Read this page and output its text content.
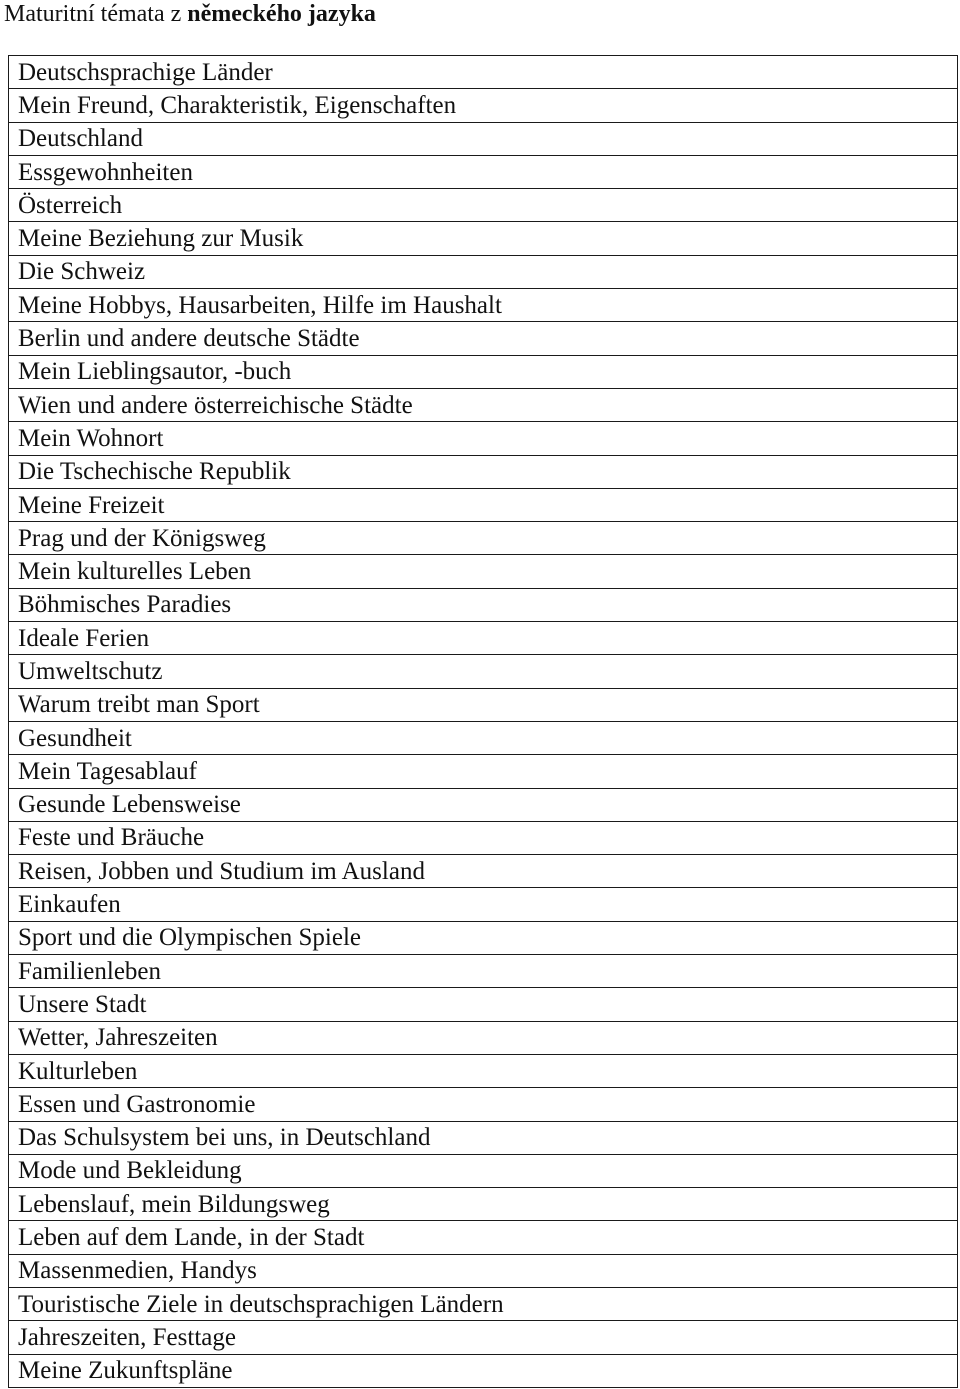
Maturitní témata z německého jazyka
Deutschsprachige Länder
Mein Freund, Charakteristik, Eigenschaften
Deutschland
Essgewohnheiten
Österreich
Meine Beziehung zur Musik
Die Schweiz
Meine Hobbys, Hausarbeiten, Hilfe im Haushalt
Berlin und andere deutsche Städte
Mein Lieblingsautor, -buch
Wien und andere österreichische Städte
Mein Wohnort
Die Tschechische Republik
Meine Freizeit
Prag und der Königsweg
Mein kulturelles Leben
Böhmisches Paradies
Ideale Ferien
Umweltschutz
Warum treibt man Sport
Gesundheit
Mein Tagesablauf
Gesunde Lebensweise
Feste und Bräuche
Reisen, Jobben und Studium im Ausland
Einkaufen
Sport und die Olympischen Spiele
Familienleben
Unsere Stadt
Wetter, Jahreszeiten
Kulturleben
Essen und Gastronomie
Das Schulsystem bei uns, in Deutschland
Mode und Bekleidung
Lebenslauf, mein Bildungsweg
Leben auf dem Lande, in der Stadt
Massenmedien, Handys
Touristische Ziele in deutschsprachigen Ländern
Jahreszeiten, Festtage
Meine Zukunftspläne
